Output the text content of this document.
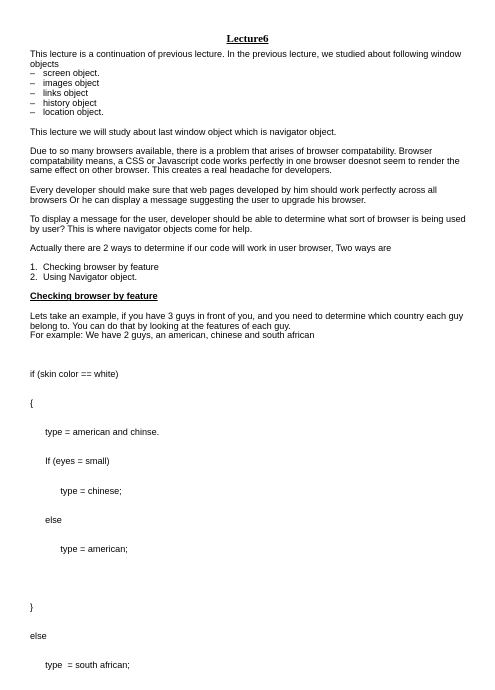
Lecture6

This lecture is a continuation of previous lecture. In the previous lecture, we studied about following window objects

– screen object.
– images object
– links object
– history object
– location object.

This lecture we will study about last window object which is navigator object.

Due to so many browsers available, there is a problem that arises of browser compatability. Browser compatability means, a CSS or Javascript code works perfectly in one browser doesnot seem to render the same effect on other browser. This creates a real headache for developers.

Every developer should make sure that web pages developed by him should work perfectly across all browsers Or he can display a message suggesting the user to upgrade his browser.

To display a message for the user, developer should be able to determine what sort of browser is being used by user? This is where navigator objects come for help.

Actually there are 2 ways to determine if our code will work in user browser, Two ways are

1. Checking browser by feature
2. Using Navigator object.
Checking browser by feature

Lets take an example, if you have 3 guys in front of you, and you need to determine which country each guy belong to. You can do that by looking at the features of each guy.

For example: We have 2 guys, an american, chinese and south african

if (skin color == white)

{

type = american and chinse.

If (eyes = small)

type = chinese;

else

type = american;

}

else

type  = south african;
